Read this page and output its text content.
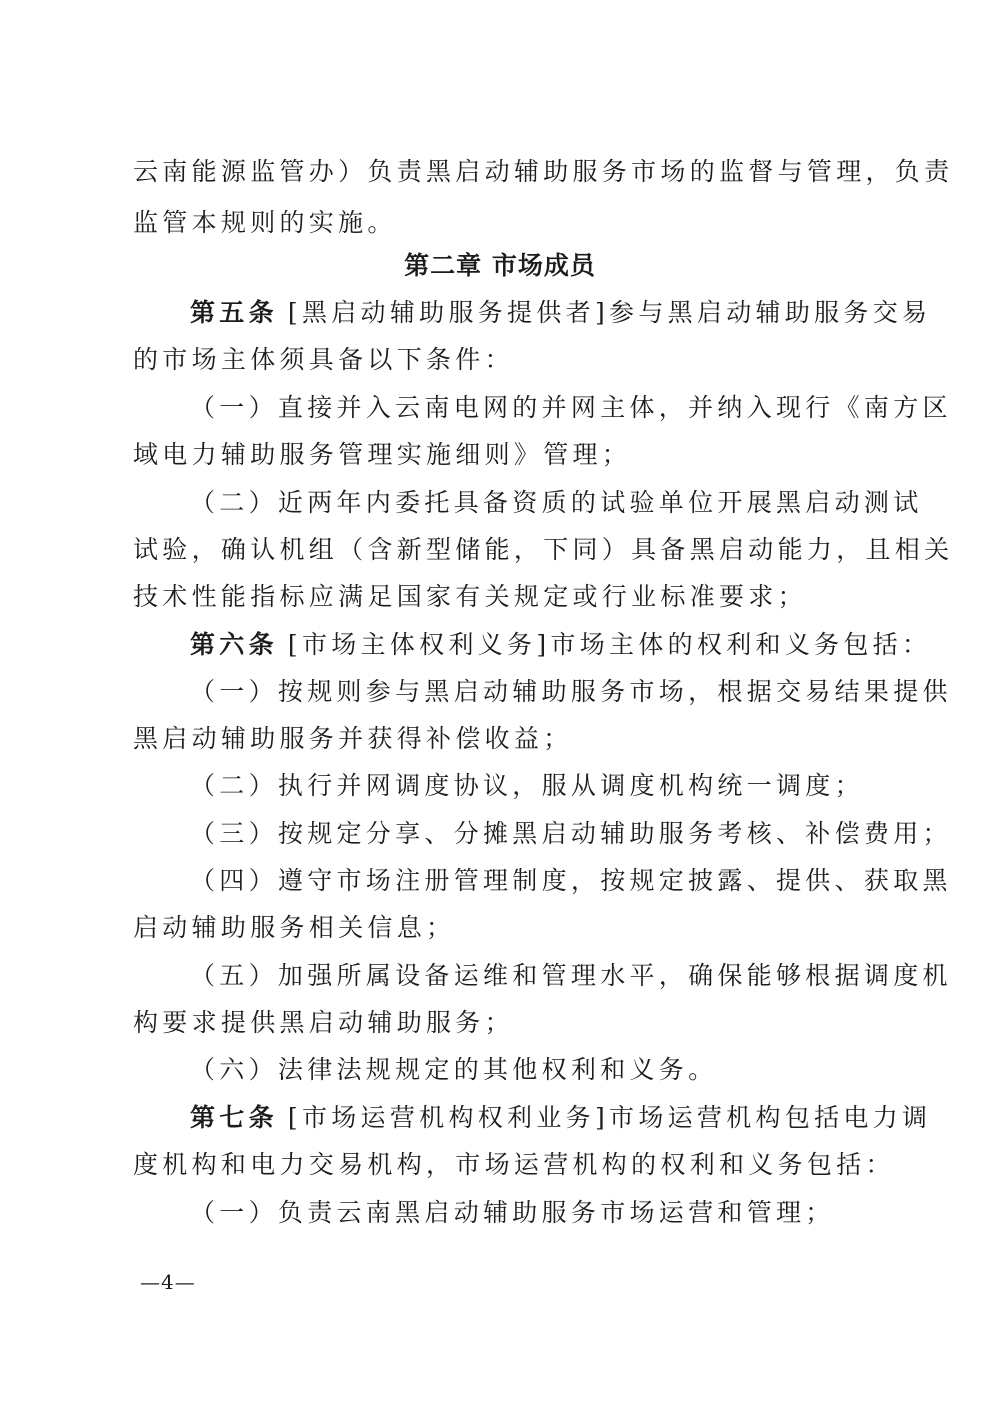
云南能源监管办）负责黑启动辅助服务市场的监督与管理，负责
监管本规则的实施。
第二章 市场成员
第五条 [黑启动辅助服务提供者]参与黑启动辅助服务交易
的市场主体须具备以下条件：
（一）直接并入云南电网的并网主体，并纳入现行《南方区
域电力辅助服务管理实施细则》管理；
（二）近两年内委托具备资质的试验单位开展黑启动测试
试验，确认机组（含新型储能，下同）具备黑启动能力，且相关
技术性能指标应满足国家有关规定或行业标准要求；
第六条 [市场主体权利义务]市场主体的权利和义务包括：
（一）按规则参与黑启动辅助服务市场，根据交易结果提供
黑启动辅助服务并获得补偿收益；
（二）执行并网调度协议，服从调度机构统一调度；
（三）按规定分享、分摊黑启动辅助服务考核、补偿费用；
（四）遵守市场注册管理制度，按规定披露、提供、获取黑
启动辅助服务相关信息；
（五）加强所属设备运维和管理水平，确保能够根据调度机
构要求提供黑启动辅助服务；
（六）法律法规规定的其他权利和义务。
第七条 [市场运营机构权利业务]市场运营机构包括电力调
度机构和电力交易机构，市场运营机构的权利和义务包括：
（一）负责云南黑启动辅助服务市场运营和管理；
—4—
